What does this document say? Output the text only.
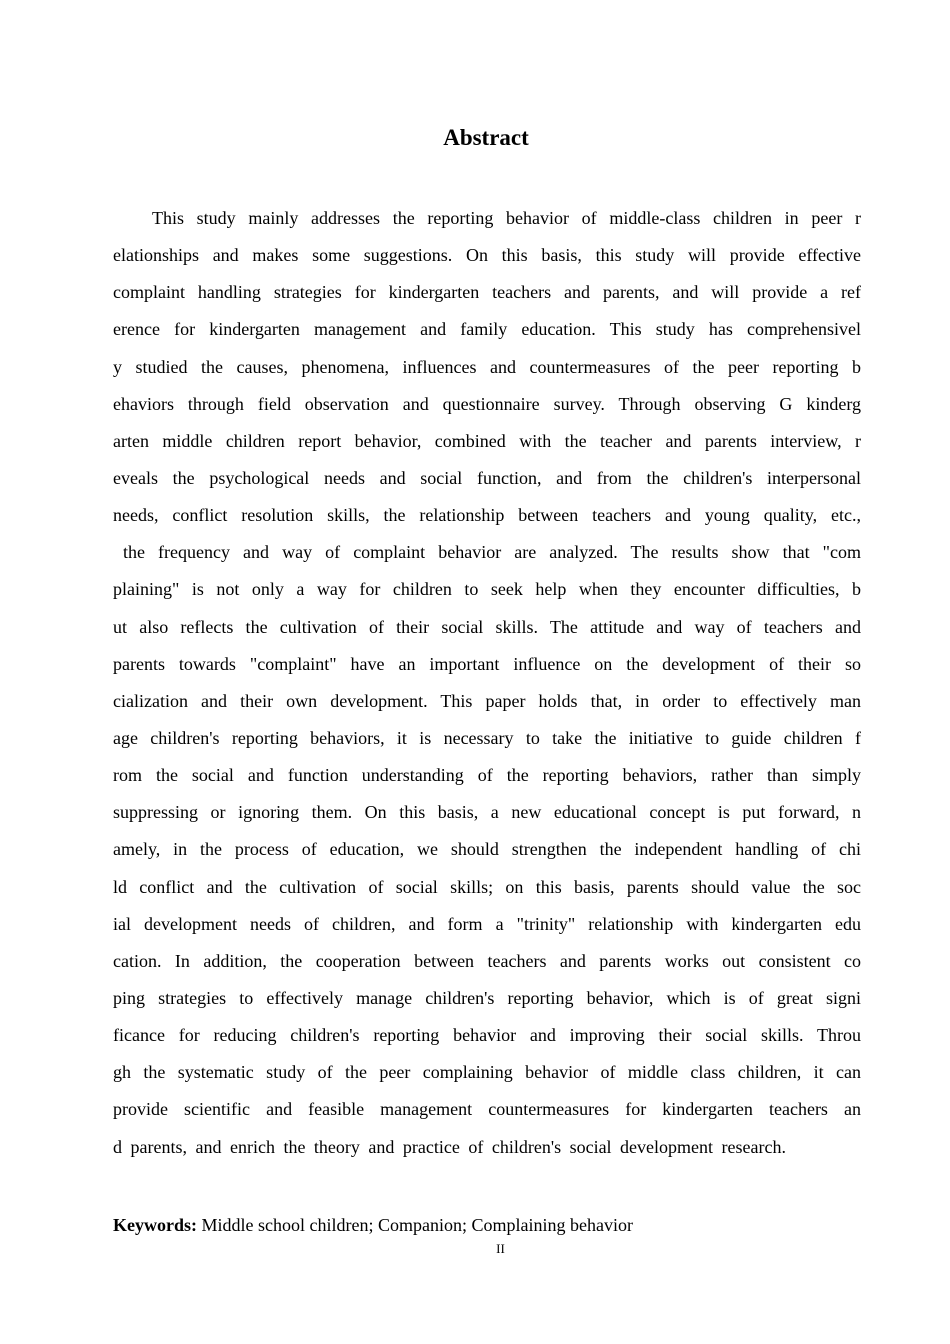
Abstract
This study mainly addresses the reporting behavior of middle-class children in peer r
elationships and makes some suggestions. On this basis, this study will provide effective
complaint handling strategies for kindergarten teachers and parents, and will provide a ref
erence for kindergarten management and family education. This study has comprehensivel
y studied the causes, phenomena, influences and countermeasures of the peer reporting b
ehaviors through field observation and questionnaire survey. Through observing G kinderg
arten middle children report behavior, combined with the teacher and parents interview, r
eveals the psychological needs and social function, and from the children's interpersonal
needs, conflict resolution skills, the relationship between teachers and young quality, etc.,
the frequency and way of complaint behavior are analyzed. The results show that "com
plaining" is not only a way for children to seek help when they encounter difficulties, b
ut also reflects the cultivation of their social skills. The attitude and way of teachers and
parents towards "complaint" have an important influence on the development of their so
cialization and their own development. This paper holds that, in order to effectively man
age children's reporting behaviors, it is necessary to take the initiative to guide children f
rom the social and function understanding of the reporting behaviors, rather than simply
suppressing or ignoring them. On this basis, a new educational concept is put forward, n
amely, in the process of education, we should strengthen the independent handling of chi
ld conflict and the cultivation of social skills; on this basis, parents should value the soc
ial development needs of children, and form a "trinity" relationship with kindergarten edu
cation. In addition, the cooperation between teachers and parents works out consistent co
ping strategies to effectively manage children's reporting behavior, which is of great signi
ficance for reducing children's reporting behavior and improving their social skills. Throu
gh the systematic study of the peer complaining behavior of middle class children, it can
provide scientific and feasible management countermeasures for kindergarten teachers an
d parents, and enrich the theory and practice of children's social development research.
Keywords: Middle school children; Companion; Complaining behavior
II
